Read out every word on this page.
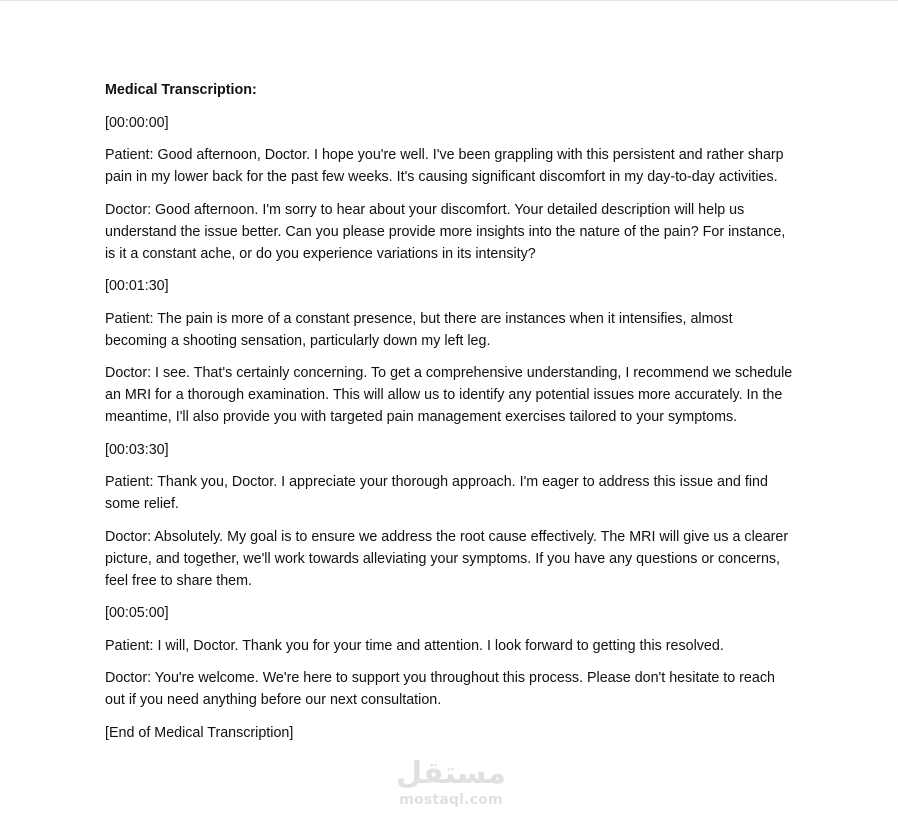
Medical Transcription:

[00:00:00]

Patient: Good afternoon, Doctor. I hope you're well. I've been grappling with this persistent and rather sharp pain in my lower back for the past few weeks. It's causing significant discomfort in my day-to-day activities.

Doctor: Good afternoon. I'm sorry to hear about your discomfort. Your detailed description will help us understand the issue better. Can you please provide more insights into the nature of the pain? For instance, is it a constant ache, or do you experience variations in its intensity?

[00:01:30]

Patient: The pain is more of a constant presence, but there are instances when it intensifies, almost becoming a shooting sensation, particularly down my left leg.

Doctor: I see. That's certainly concerning. To get a comprehensive understanding, I recommend we schedule an MRI for a thorough examination. This will allow us to identify any potential issues more accurately. In the meantime, I'll also provide you with targeted pain management exercises tailored to your symptoms.

[00:03:30]

Patient: Thank you, Doctor. I appreciate your thorough approach. I'm eager to address this issue and find some relief.

Doctor: Absolutely. My goal is to ensure we address the root cause effectively. The MRI will give us a clearer picture, and together, we'll work towards alleviating your symptoms. If you have any questions or concerns, feel free to share them.

[00:05:00]

Patient: I will, Doctor. Thank you for your time and attention. I look forward to getting this resolved.

Doctor: You're welcome. We're here to support you throughout this process. Please don't hesitate to reach out if you need anything before our next consultation.

[End of Medical Transcription]

مستقل
mostaql.com
